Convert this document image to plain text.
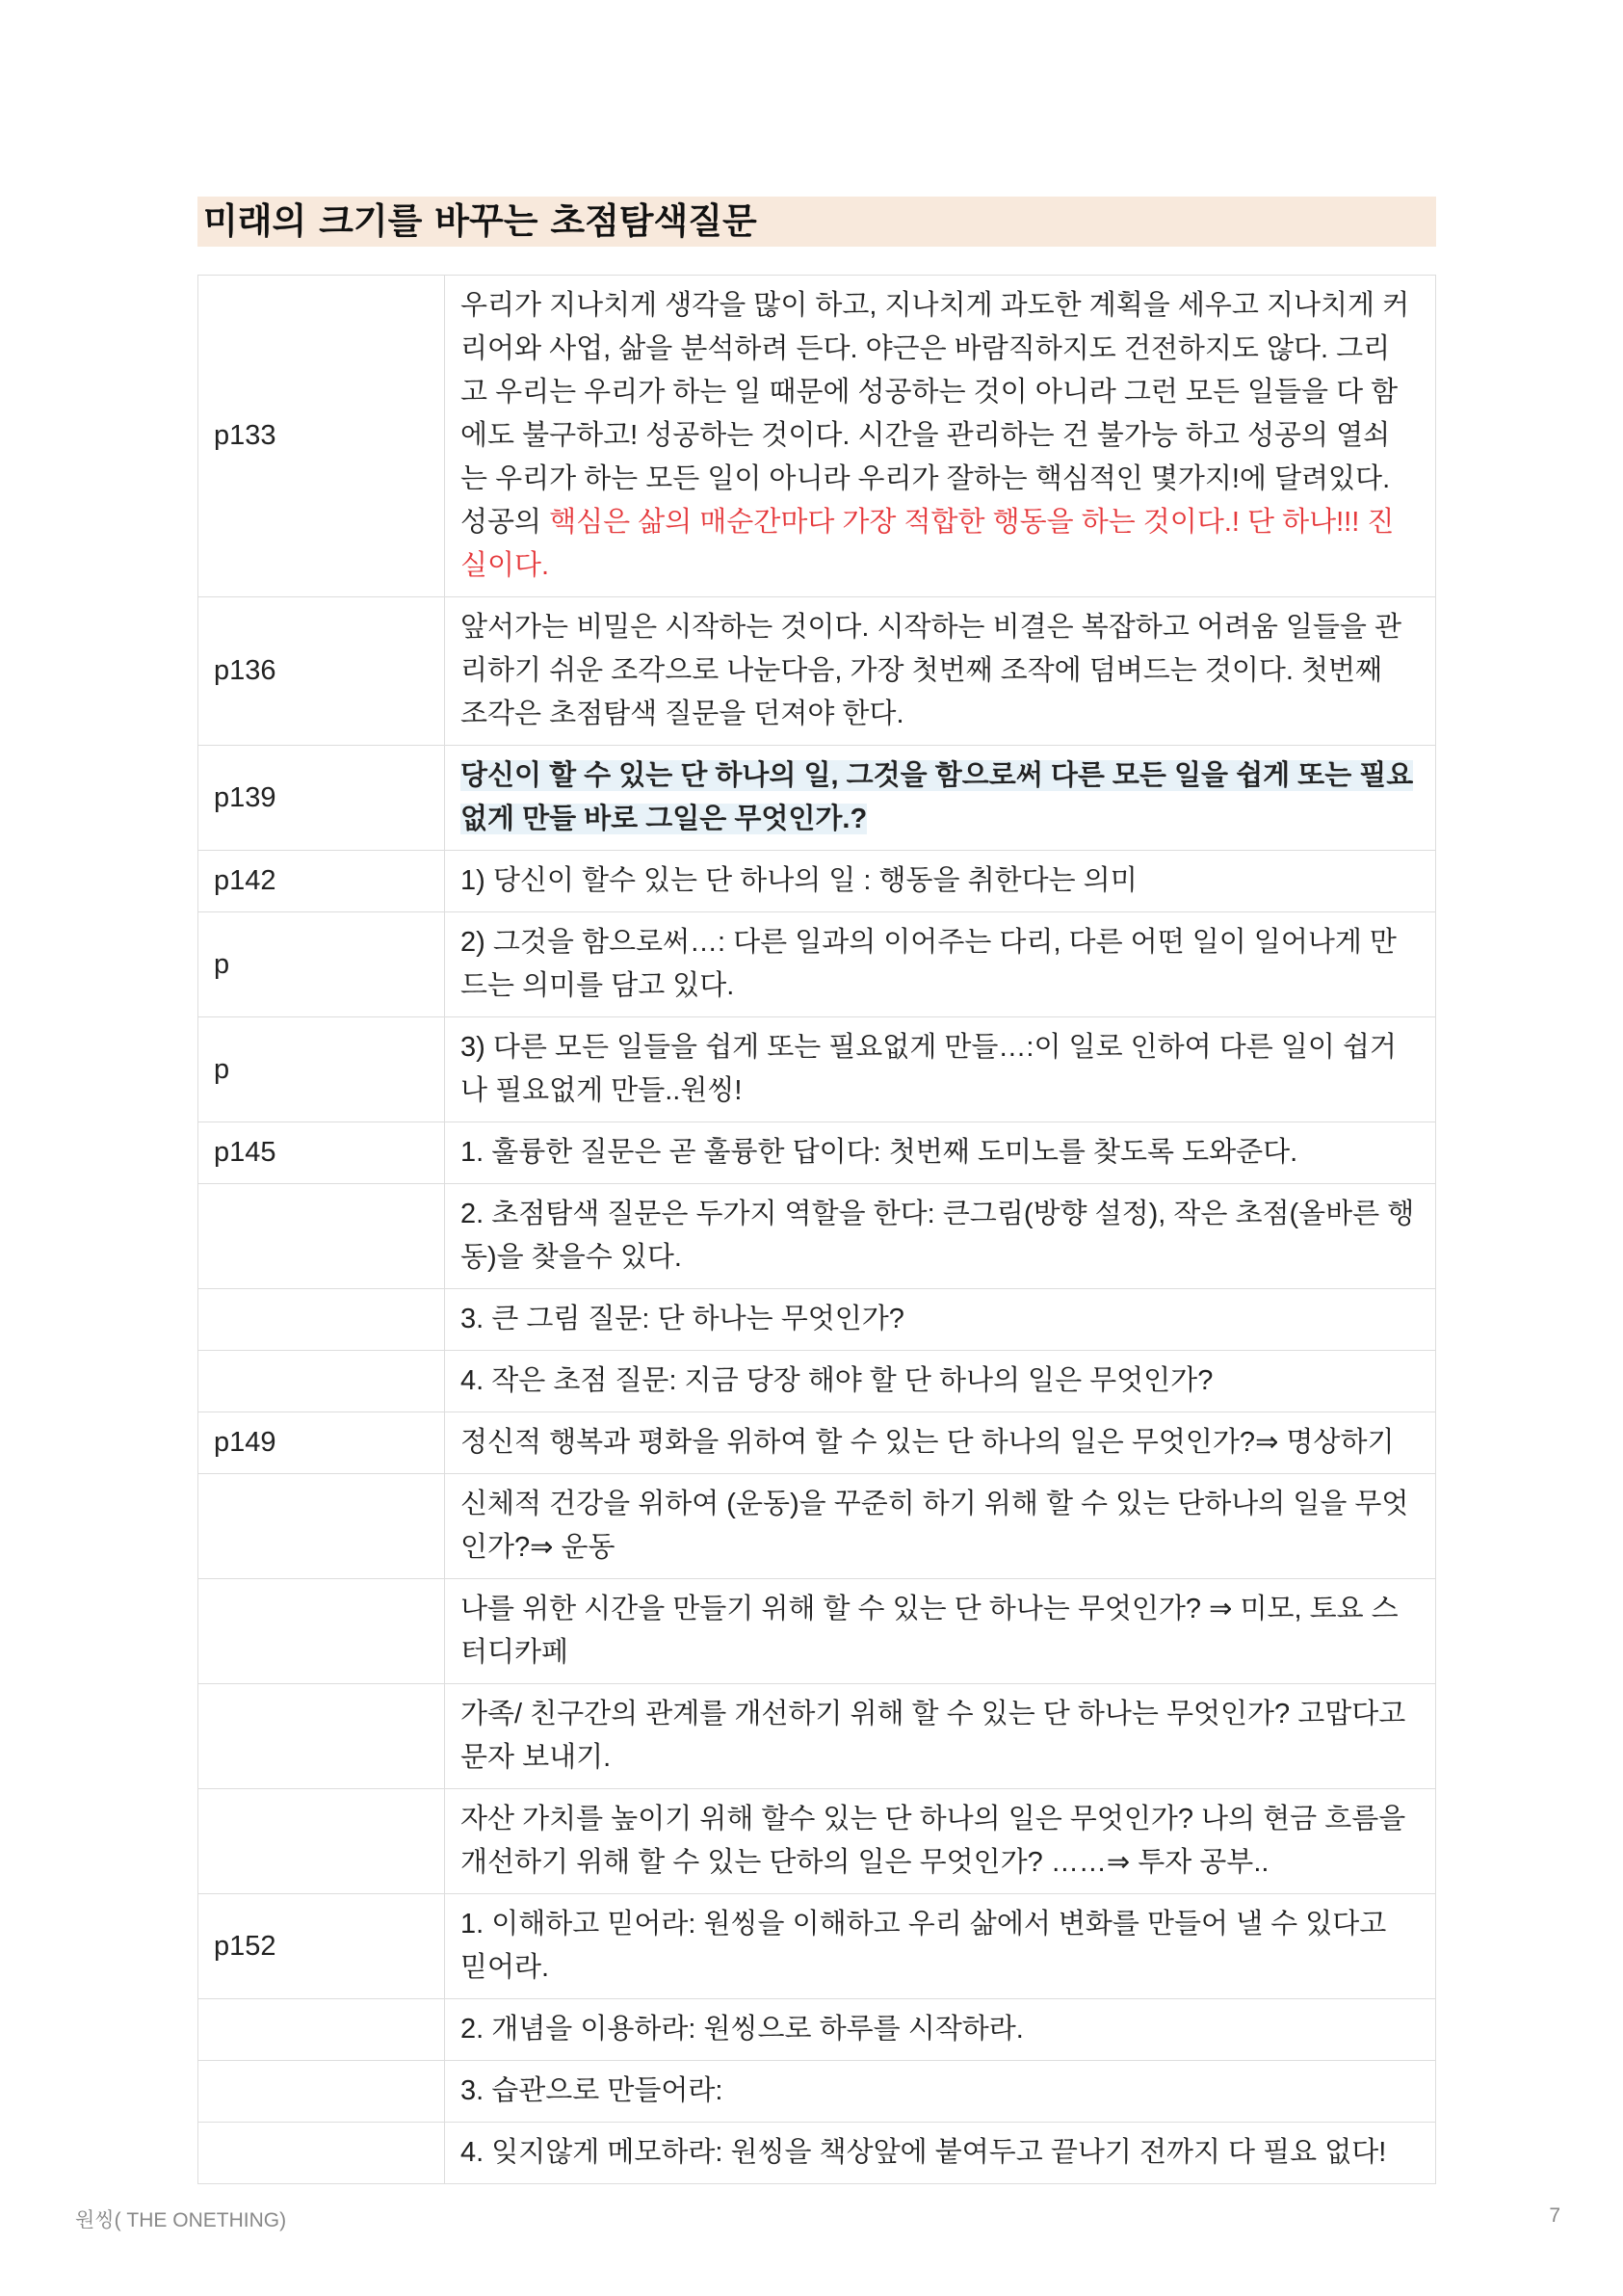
미래의 크기를 바꾸는 초점탐색질문
p133	우리가 지나치게 생각을 많이 하고, 지나치게 과도한 계획을 세우고 지나치게 커리어와 사업, 삶을 분석하려 든다. 야근은 바람직하지도 건전하지도 않다. 그리고 우리는 우리가 하는 일 때문에 성공하는 것이 아니라 그런 모든 일들을 다 함에도 불구하고! 성공하는 것이다. 시간을 관리하는 건 불가능 하고 성공의 열쇠는 우리가 하는 모든 일이 아니라 우리가 잘하는 핵심적인 몇가지!에 달려있다. 성공의 핵심은 삶의 매순간마다 가장 적합한 행동을 하는 것이다.! 단 하나!!! 진실이다.
p136	앞서가는 비밀은 시작하는 것이다. 시작하는 비결은 복잡하고 어려움 일들을 관리하기 쉬운 조각으로 나눈다음, 가장 첫번째 조작에 덤벼드는 것이다. 첫번째 조각은 초점탐색 질문을 던져야 한다.
p139	당신이 할 수 있는 단 하나의 일, 그것을 함으로써 다른 모든 일을 쉽게 또는 필요없게 만들 바로 그일은 무엇인가.?
p142	1) 당신이 할수 있는 단 하나의 일 : 행동을 취한다는 의미
p	2) 그것을 함으로써…: 다른 일과의 이어주는 다리, 다른 어떤 일이 일어나게 만드는 의미를 담고 있다.
p	3) 다른 모든 일들을 쉽게 또는 필요없게 만들…:이 일로 인하여 다른 일이 쉽거나 필요없게 만들..원씽!
p145	1. 훌륭한 질문은 곧 훌륭한 답이다: 첫번째 도미노를 찾도록 도와준다.
	2. 초점탐색 질문은 두가지 역할을 한다: 큰그림(방향 설정), 작은 초점(올바른 행동)을 찾을수 있다.
	3. 큰 그림 질문: 단 하나는 무엇인가?
	4. 작은 초점 질문: 지금 당장 해야 할 단 하나의 일은 무엇인가?
p149	정신적 행복과 평화을 위하여 할 수 있는 단 하나의 일은 무엇인가?⇒ 명상하기
	신체적 건강을 위하여 (운동)을 꾸준히 하기 위해 할 수 있는 단하나의 일을 무엇인가?⇒ 운동
	나를 위한 시간을 만들기 위해 할 수 있는 단 하나는 무엇인가? ⇒ 미모, 토요 스터디카페
	가족/ 친구간의 관계를 개선하기 위해 할 수 있는 단 하나는 무엇인가? 고맙다고 문자 보내기.
	자산 가치를 높이기 위해 할수 있는 단 하나의 일은 무엇인가? 나의 현금 흐름을 개선하기 위해 할 수 있는 단하의 일은 무엇인가? ……⇒ 투자 공부..
p152	1. 이해하고 믿어라: 원씽을 이해하고 우리 삶에서 변화를 만들어 낼 수 있다고 믿어라.
	2. 개념을 이용하라: 원씽으로 하루를 시작하라.
	3. 습관으로 만들어라:
	4. 잊지않게 메모하라: 원씽을 책상앞에 붙여두고 끝나기 전까지 다 필요 없다!
원씽( THE ONETHING)	7
